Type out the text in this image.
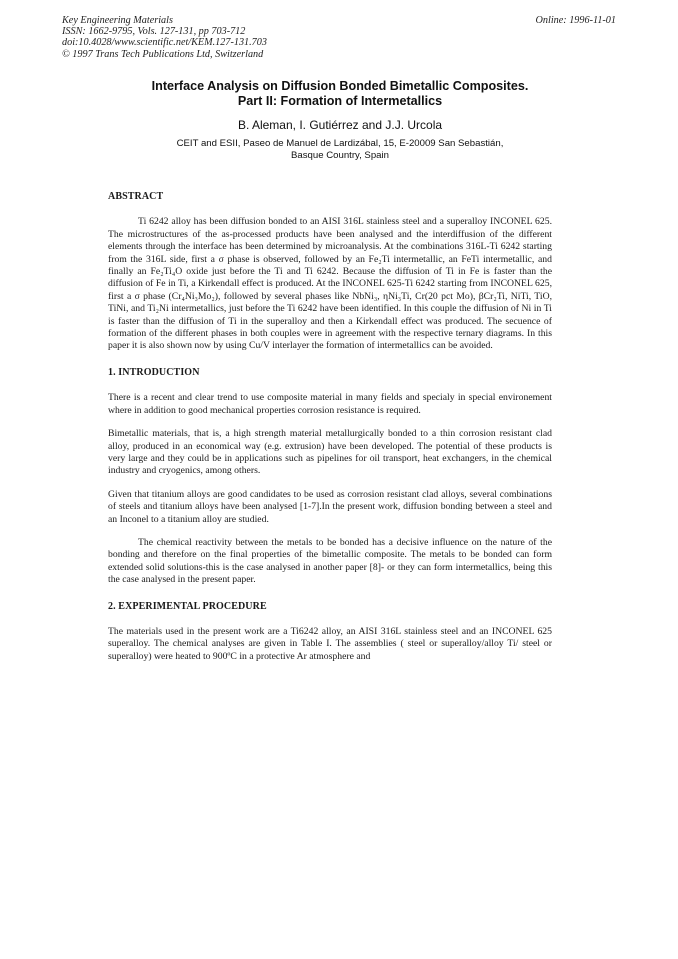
Key Engineering Materials
ISSN: 1662-9795, Vols. 127-131, pp 703-712
doi:10.4028/www.scientific.net/KEM.127-131.703
© 1997 Trans Tech Publications Ltd, Switzerland
Online: 1996-11-01
Interface Analysis on Diffusion Bonded Bimetallic Composites.
Part II: Formation of Intermetallics
B. Aleman, I. Gutiérrez and J.J. Urcola
CEIT and ESII, Paseo de Manuel de Lardizábal, 15, E-20009 San Sebastián,
Basque Country, Spain
ABSTRACT

Ti 6242 alloy has been diffusion bonded to an AISI 316L stainless steel and a superalloy INCONEL 625. The microstructures of the as-processed products have been analysed and the interdiffusion of the different elements through the interface has been determined by microanalysis. At the combinations 316L-Ti 6242 starting from the 316L side, first a σ phase is observed, followed by an Fe₂Ti intermetallic, an FeTi intermetallic, and finally an Fe₂Ti₄O oxide just before the Ti and Ti 6242. Because the diffusion of Ti in Fe is faster than the diffusion of Fe in Ti, a Kirkendall effect is produced. At the INCONEL 625-Ti 6242 starting from INCONEL 625, first a σ phase (Cr₄Ni₃Mo₂), followed by several phases like NbNi₃, ηNi₃Ti, Cr(20 pct Mo), βCr₂Ti, NiTi, TiO, TiNi, and Ti₂Ni intermetallics, just before the Ti 6242 have been identified. In this couple the diffusion of Ni in Ti is faster than the diffusion of Ti in the superalloy and then a Kirkendall effect was produced. The secuence of formation of the different phases in both couples were in agreement with the respective ternary diagrams. In this paper it is also shown now by using Cu/V interlayer the formation of intermetallics can be avoided.

1. INTRODUCTION

There is a recent and clear trend to use composite material in many fields and specialy in special environement where in addition to good mechanical properties corrosion resistance is required.

Bimetallic materials, that is, a high strength material metallurgically bonded to a thin corrosion resistant clad alloy, produced in an economical way (e.g. extrusion) have been developed. The potential of these products is very large and they could be in applications such as pipelines for oil transport, heat exchangers, in the chemical industry and cryogenics, among others.

Given that titanium alloys are good candidates to be used as corrosion resistant clad alloys, several combinations of steels and titanium alloys have been analysed [1-7].In the present work, diffusion bonding between a steel and an Inconel to a titanium alloy are studied.

The chemical reactivity between the metals to be bonded has a decisive influence on the nature of the bonding and therefore on the final properties of the bimetallic composite. The metals to be bonded can form extended solid solutions-this is the case analysed in another paper [8]- or they can form intermetallics, being this the case analysed in the present paper.

2. EXPERIMENTAL PROCEDURE

The materials used in the present work are a Ti6242 alloy, an AISI 316L stainless steel and an INCONEL 625 superalloy. The chemical analyses are given in Table I. The assemblies ( steel or superalloy/alloy Ti/ steel or superalloy) were heated to 900ºC in a protective Ar atmosphere and
